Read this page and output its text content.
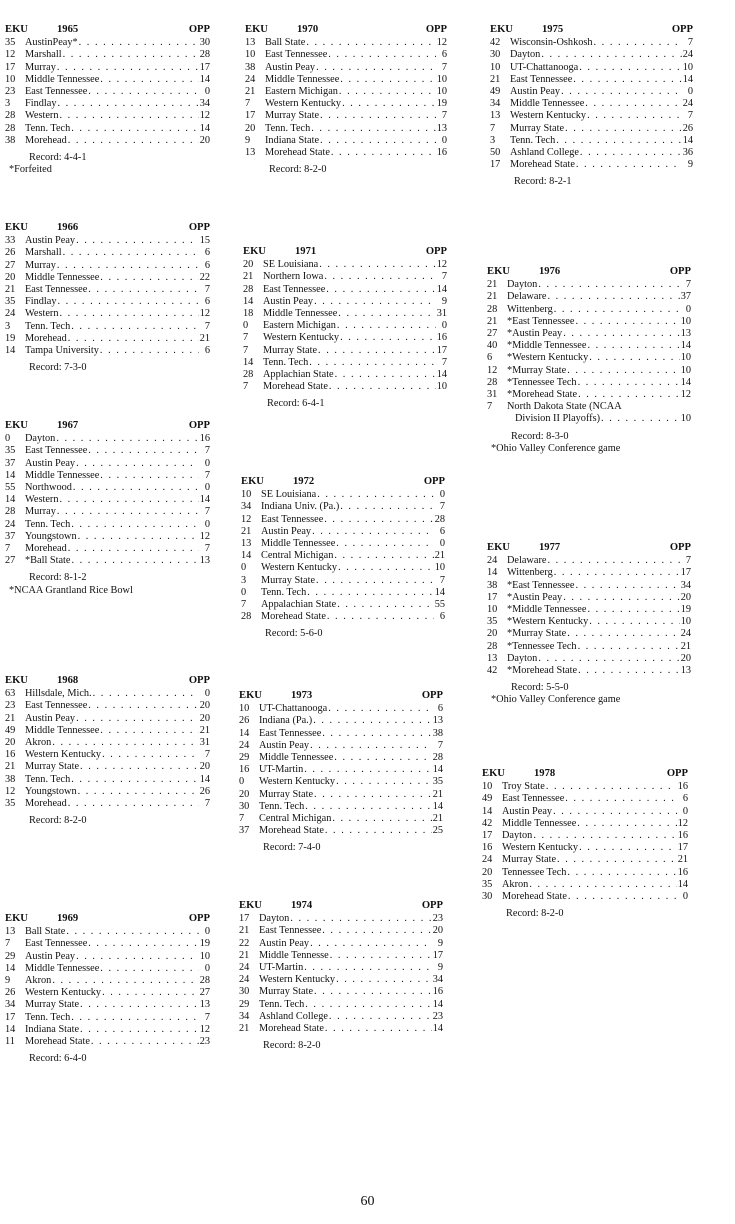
EKU	1965	OPP
35 AustinPeay* . . .	30
12 Marshall . . .	28
17 Murray . . .	17
10 Middle Tennessee . . .	14
23 East Tennessee . . .	0
3	Findlay . . .	34
28 Western . . .	12
28 Tenn. Tech . . .	14
38 Morehead . . .	20
Record: 4-4-1
*Forfeited
EKU	1966	OPP
33 Austin Peay . . .	15
26 Marshall . . .	6
27 Murray . . .	6
20 Middle Tennessee . . .	22
21 East Tennessee . . .	7
35 Findlay . . .	6
24 Western . . .	12
3	Tenn. Tech . . .	7
19 Morehead . . .	21
14 Tampa University . . .	6
Record: 7-3-0
EKU	1967	OPP
0	Dayton . . .	16
35 East Tennessee . . .	7
37 Austin Peay . . .	0
14 Middle Tennessee . . .	7
55 Northwood . . .	0
14 Western . . .	14
28 Murray . . .	7
24 Tenn. Tech . . .	0
37 Youngstown . . .	12
7	Morehead . . .	7
27 *Ball State . . .	13
Record: 8-1-2
*NCAA Grantland Rice Bowl
EKU	1968	OPP
63 Hillsdale, Mich. . . .	0
23 East Tennessee . . .	20
21 Austin Peay . . .	20
49 Middle Tennessee . . .	21
20 Akron . . .	31
16 Western Kentucky . . .	7
21 Murray State . . .	20
38 Tenn. Tech . . .	14
12 Youngstown . . .	26
35 Morehead . . .	7
Record: 8-2-0
EKU	1969	OPP
13 Ball State . . .	0
7	East Tennessee . . .	19
29 Austin Peay . . .	10
14 Middle Tennessee . . .	0
9	Akron . . .	28
26 Western Kentucky . . .	27
34 Murray State . . .	13
17 Tenn. Tech . . .	7
14 Indiana State . . .	12
11 Morehead State . . .	23
Record: 6-4-0
EKU	1970	OPP
13 Ball State . . .	12
10 East Tennessee . . .	6
38 Austin Peay . . .	7
24 Middle Tennessee . . .	10
21 Eastern Michigan . . .	10
7	Western Kentucky . . .	19
17 Murray State . . .	7
20 Tenn. Tech . . .	13
9	Indiana State . . .	0
13 Morehead State . . .	16
Record: 8-2-0
EKU	1971	OPP
20 SE Louisiana . . .	12
21 Northern Iowa . . .	7
28 East Tennessee . . .	14
14 Austin Peay . . .	9
18 Middle Tennessee . . .	31
0	Eastern Michigan . . .	0
7	Western Kentucky . . .	16
7	Murray State . . .	17
14 Tenn. Tech . . .	7
28 Applachian State . . .	14
7	Morehead State . . .	10
Record: 6-4-1
EKU	1972	OPP
10 SE Louisiana . . .	0
34 Indiana Univ. (Pa.) . . .	7
12 East Tennessee . . .	28
21 Austin Peay . . .	6
13 Middle Tennessee . . .	0
14 Central Michigan . . .	21
0	Western Kentucky . . .	10
3	Murray State . . .	7
0	Tenn. Tech . . .	14
7	Appalachian State . . .	55
28 Morehead State . . .	6
Record: 5-6-0
EKU	1973	OPP
10 UT-Chattanooga . . .	6
26 Indiana (Pa.) . . .	13
14 East Tennessee . . .	38
24 Austin Peay . . .	7
29 Middle Tennessee . . .	28
16 UT-Martin . . .	14
0	Western Kentucky . . .	35
20 Murray State . . .	21
30 Tenn. Tech . . .	14
7	Central Michigan . . .	21
37 Morehead State . . .	25
Record: 7-4-0
EKU	1974	OPP
17 Dayton . . .	23
21 East Tennessee . . .	20
22 Austin Peay . . .	9
21 Middle Tennesse . . .	17
24 UT-Martin . . .	9
24 Western Kentucky . . .	34
30 Murray State . . .	16
29 Tenn. Tech . . .	14
34 Ashland College . . .	23
21 Morehead State . . .	14
Record: 8-2-0
EKU	1975	OPP
42 Wisconsin-Oshkosh . . .	7
30 Dayton . . .	24
10 UT-Chattanooga . . .	10
21 East Tennessee . . .	14
49 Austin Peay . . .	0
34 Middle Tennessee . . .	24
13 Western Kentucky . . .	7
7	Murray State . . .	26
3	Tenn. Tech . . .	14
50 Ashland College . . .	36
17 Morehead State . . .	9
Record: 8-2-1
EKU	1976	OPP
21 Dayton . . .	7
21 Delaware . . .	37
28 Wittenberg . . .	0
21 *East Tennessee . . .	10
27 *Austin Peay . . .	13
40 *Middle Tennessee . . .	14
6	*Western Kentucky . . .	10
12 *Murray State . . .	10
28 *Tennessee Tech . . .	14
31 *Morehead State . . .	12
7	North Dakota State (NCAA
Division II Playoffs) . . .	10
Record: 8-3-0
*Ohio Valley Conference game
EKU	1977	OPP
24 Delaware . . .	7
14 Wittenberg . . .	17
38 *East Tennessee . . .	34
17 *Austin Peay . . .	20
10 *Middle Tennessee . . .	19
35 *Western Kentucky . . .	10
20 *Murray State . . .	24
28 *Tennessee Tech . . .	21
13 Dayton . . .	20
42 *Morehead State . . .	13
Record: 5-5-0
*Ohio Valley Conference game
EKU	1978	OPP
10 Troy State . . .	16
49 East Tennessee . . .	6
14 Austin Peay . . .	0
42 Middle Tennessee . . .	12
17 Dayton . . .	16
16 Western Kentucky . . .	17
24 Murray State . . .	21
20 Tennessee Tech . . .	16
35 Akron . . .	14
30 Morehead State . . .	0
Record: 8-2-0
60
